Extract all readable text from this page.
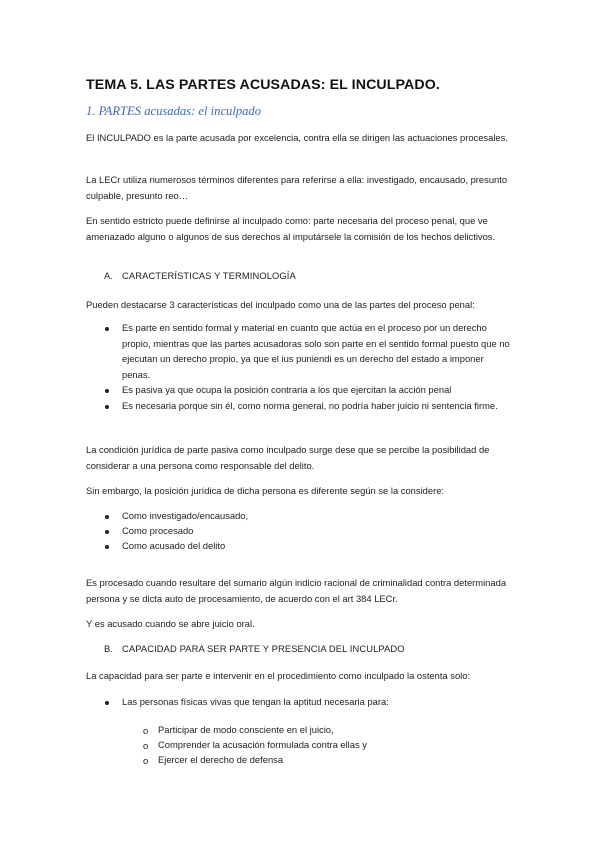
TEMA 5. LAS PARTES ACUSADAS: EL INCULPADO.
1. PARTES acusadas: el inculpado
El INCULPADO es la parte acusada por excelencia, contra ella se dirigen las actuaciones procesales.
La LECr utiliza numerosos términos diferentes para referirse a ella: investigado, encausado, presunto culpable, presunto reo…
En sentido estricto puede definirse al inculpado como: parte necesaria del proceso penal, que ve amenazado alguno o algunos de sus derechos al imputársele la comisión de los hechos delictivos.
A. CARACTERÍSTICAS Y TERMINOLOGÍA
Pueden destacarse 3 características del inculpado como una de las partes del proceso penal:
Es parte en sentido formal y material en cuanto que actúa en el proceso por un derecho propio, mientras que las partes acusadoras solo son parte en el sentido formal puesto que no ejecutan un derecho propio, ya que el ius puniendi es un derecho del estado a imponer penas.
Es pasiva ya que ocupa la posición contraria a los que ejercitan la acción penal
Es necesaria porque sin él, como norma general, no podría haber juicio ni sentencia firme.
La condición jurídica de parte pasiva como inculpado surge dese que se percibe la posibilidad de considerar a una persona como responsable del delito.
Sin embargo, la posición jurídica de dicha persona es diferente según se la considere:
Como investigado/encausado,
Como procesado
Como acusado del delito
Es procesado cuando resultare del sumario algún indicio racional de criminalidad contra determinada persona y se dicta auto de procesamiento, de acuerdo con el art 384 LECr.
Y es acusado cuando se abre juicio oral.
B. CAPACIDAD PARA SER PARTE Y PRESENCIA DEL INCULPADO
La capacidad para ser parte e intervenir en el procedimiento como inculpado la ostenta solo:
Las personas físicas vivas que tengan la aptitud necesaria para:
o Participar de modo consciente en el juicio,
o Comprender la acusación formulada contra ellas y
o Ejercer el derecho de defensa
